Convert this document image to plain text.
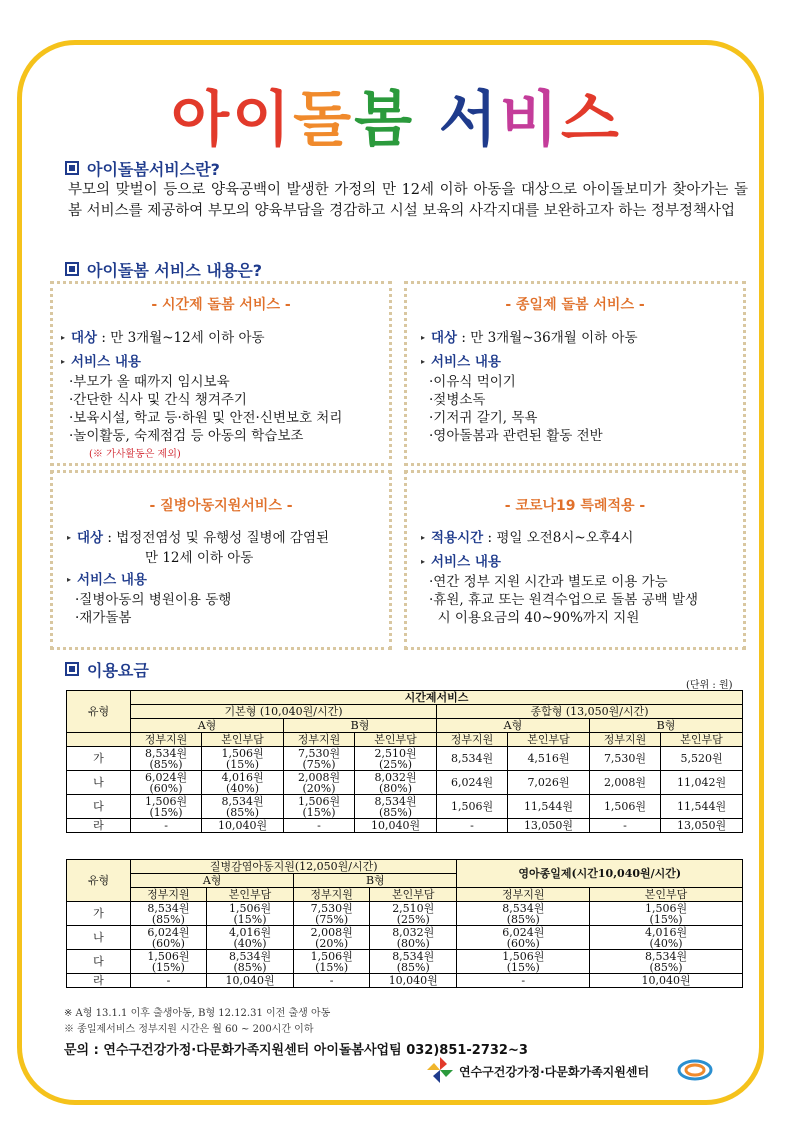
아이돌봄 서비스
아이돌봄서비스란?
부모의 맞벌이 등으로 양육공백이 발생한 가정의 만 12세 이하 아동을 대상으로 아이돌보미가 찾아가는 돌봄 서비스를 제공하여 부모의 양육부담을 경감하고 시설 보육의 사각지대를 보완하고자 하는 정부정책사업
아이돌봄 서비스 내용은?
- 시간제 돌봄 서비스 -
▸ 대상 : 만 3개월~12세 이하 아동
▸ 서비스 내용
·부모가 올 때까지 임시보육
·간단한 식사 및 간식 챙겨주기
·보육시설, 학교 등·하원 및 안전·신변보호 처리
·놀이활동, 숙제점검 등 아동의 학습보조
(※ 가사활동은 제외)
- 종일제 돌봄 서비스 -
▸ 대상 : 만 3개월~36개월 이하 아동
▸ 서비스 내용
·이유식 먹이기
·젖병소독
·기저귀 갈기, 목욕
·영아돌봄과 관련된 활동 전반
- 질병아동지원서비스 -
▸ 대상 : 법정전염성 및 유행성 질병에 감염된
만 12세 이하 아동
▸ 서비스 내용
·질병아동의 병원이용 동행
·재가돌봄
- 코로나19 특례적용 -
▸ 적용시간 : 평일 오전8시~오후4시
▸ 서비스 내용
·연간 정부 지원 시간과 별도로 이용 가능
·휴원, 휴교 또는 원격수업으로 돌봄 공백 발생
시 이용요금의 40~90%까지 지원
이용요금
(단위 : 원)
유형	시간제서비스							
	기본형 (10,040원/시간)				종합형 (13,050원/시간)			
	A형		B형		A형		B형	
	정부지원	본인부담	정부지원	본인부담	정부지원	본인부담	정부지원	본인부담
가	8,534원
(85%)	1,506원
(15%)	7,530원
(75%)	2,510원
(25%)	8,534원	4,516원	7,530원	5,520원
나	6,024원
(60%)	4,016원
(40%)	2,008원
(20%)	8,032원
(80%)	6,024원	7,026원	2,008원	11,042원
다	1,506원
(15%)	8,534원
(85%)	1,506원
(15%)	8,534원
(85%)	1,506원	11,544원	1,506원	11,544원
라	-	10,040원	-	10,040원	-	13,050원	-	13,050원
유형	질병감염아동지원(12,050원/시간)				영아종일제(시간10,040원/시간)	
	A형		B형			
	정부지원	본인부담	정부지원	본인부담	정부지원	본인부담
가	8,534원
(85%)	1,506원
(15%)	7,530원
(75%)	2,510원
(25%)	8,534원
(85%)	1,506원
(15%)
나	6,024원
(60%)	4,016원
(40%)	2,008원
(20%)	8,032원
(80%)	6,024원
(60%)	4,016원
(40%)
다	1,506원
(15%)	8,534원
(85%)	1,506원
(15%)	8,534원
(85%)	1,506원
(15%)	8,534원
(85%)
라	-	10,040원	-	10,040원	-	10,040원
※ A형 13.1.1 이후 출생아동, B형 12.12.31 이전 출생 아동
※ 종일제서비스 정부지원 시간은 월 60 ~ 200시간 이하
문의 : 연수구건강가정·다문화가족지원센터 아이돌봄사업팀 032)851-2732~3
연수구건강가정·다문화가족지원센터
